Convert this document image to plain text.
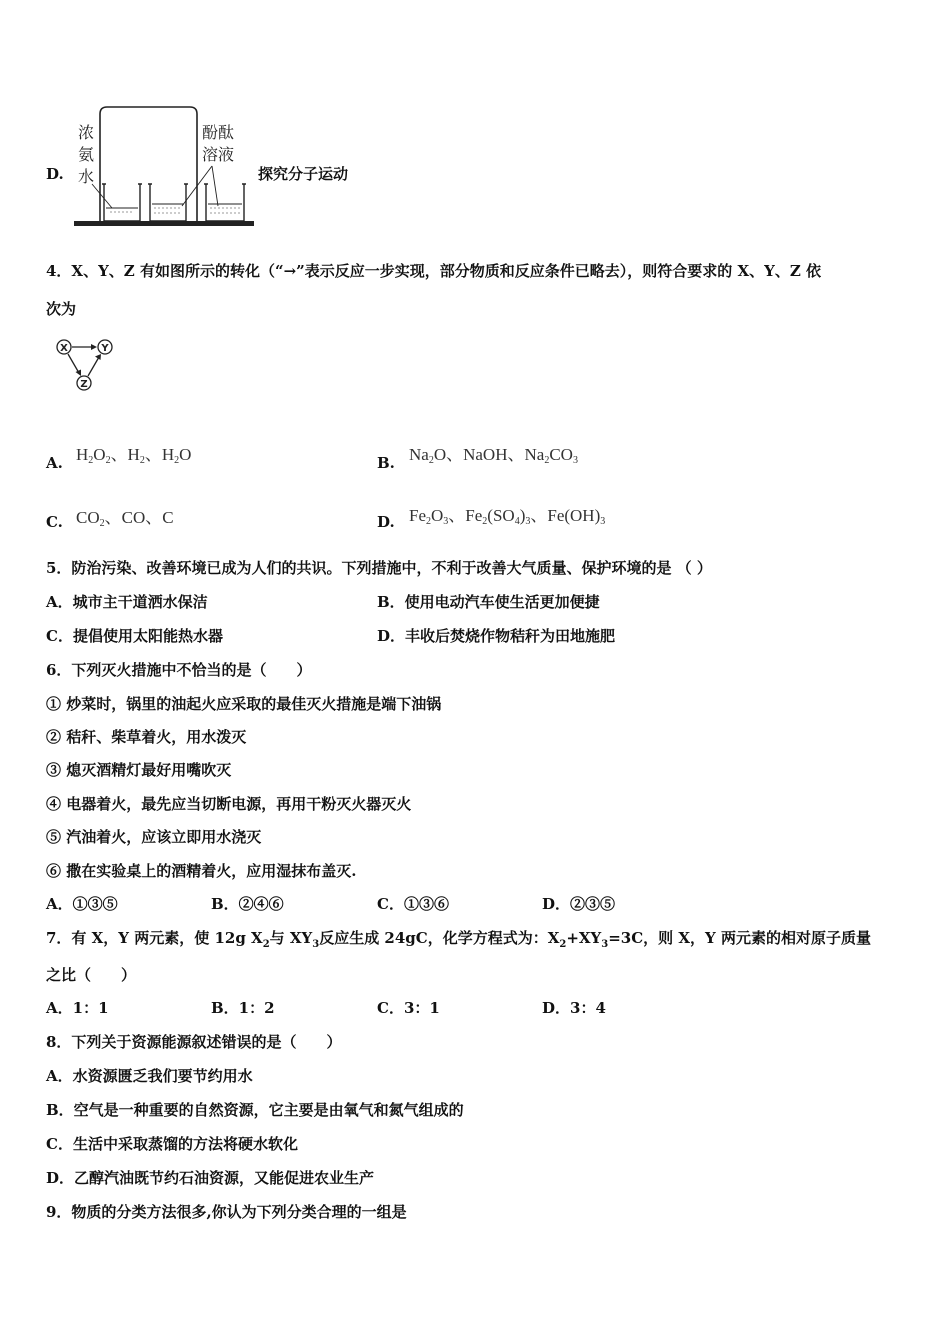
D.
浓
氨
水
酚酞
溶液
探究分子运动
4．X、Y、Z 有如图所示的转化（“→”表示反应一步实现，部分物质和反应条件已略去），则符合要求的 X、Y、Z 依
次为
X	Y
Z
A. $H_2O_2$、$H_2$、$H_2O$	B. $Na_2O$、NaOH、$Na_2CO_3$
C. $CO_2$、CO、C	D. $Fe_2O_3$、$Fe_2(SO_4)_3$、$Fe(OH)_3$
5．防治污染、改善环境已成为人们的共识。下列措施中，不利于改善大气质量、保护环境的是 （ ）
A．城市主干道洒水保洁	B．使用电动汽车使生活更加便捷
C．提倡使用太阳能热水器	D．丰收后焚烧作物秸秆为田地施肥
6．下列灭火措施中不恰当的是（　　）
① 炒菜时，锅里的油起火应采取的最佳灭火措施是端下油锅
② 秸秆、柴草着火，用水泼灭
③ 熄灭酒精灯最好用嘴吹灭
④ 电器着火，最先应当切断电源，再用干粉灭火器灭火
⑤ 汽油着火，应该立即用水浇灭
⑥ 撒在实验桌上的酒精着火，应用湿抹布盖灭.
A．①③⑤	B．②④⑥	C．①③⑥	D．②③⑤
7．有 X，Y 两元素，使 12g $X_2$与 $XY_3$反应生成 24gC，化学方程式为：$X_2+XY_3=3C$，则 X，Y 两元素的相对原子质量
之比（　　）
A．1：1	B．1：2	C．3：1	D．3：4
8．下列关于资源能源叙述错误的是（　　）
A．水资源匮乏我们要节约用水
B．空气是一种重要的自然资源，它主要是由氧气和氮气组成的
C．生活中采取蒸馏的方法将硬水软化
D．乙醇汽油既节约石油资源，又能促进农业生产
9．物质的分类方法很多,你认为下列分类合理的一组是
